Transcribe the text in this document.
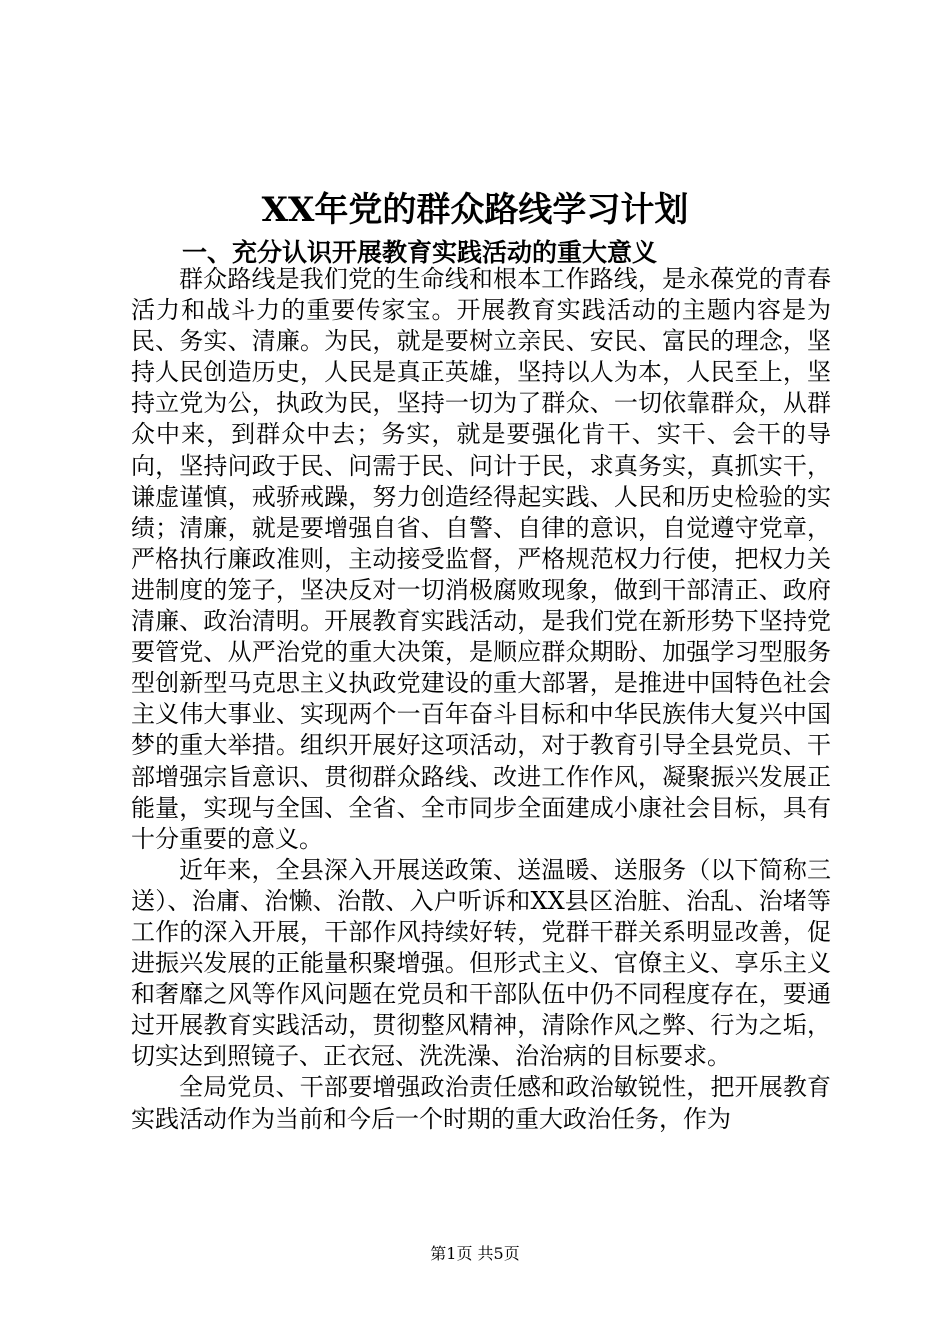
XX年党的群众路线学习计划
一、充分认识开展教育实践活动的重大意义

群众路线是我们党的生命线和根本工作路线，是永葆党的青春活力和战斗力的重要传家宝。开展教育实践活动的主题内容是为民、务实、清廉。为民，就是要树立亲民、安民、富民的理念，坚持人民创造历史，人民是真正英雄，坚持以人为本，人民至上，坚持立党为公，执政为民，坚持一切为了群众、一切依靠群众，从群众中来，到群众中去；务实，就是要强化肯干、实干、会干的导向，坚持问政于民、问需于民、问计于民，求真务实，真抓实干，谦虚谨慎，戒骄戒躁，努力创造经得起实践、人民和历史检验的实绩；清廉，就是要增强自省、自警、自律的意识，自觉遵守党章，严格执行廉政准则，主动接受监督，严格规范权力行使，把权力关进制度的笼子，坚决反对一切消极腐败现象，做到干部清正、政府清廉、政治清明。开展教育实践活动，是我们党在新形势下坚持党要管党、从严治党的重大决策，是顺应群众期盼、加强学习型服务型创新型马克思主义执政党建设的重大部署，是推进中国特色社会主义伟大事业、实现两个一百年奋斗目标和中华民族伟大复兴中国梦的重大举措。组织开展好这项活动，对于教育引导全县党员、干部增强宗旨意识、贯彻群众路线、改进工作作风，凝聚振兴发展正能量，实现与全国、全省、全市同步全面建成小康社会目标，具有十分重要的意义。

近年来，全县深入开展送政策、送温暖、送服务（以下简称三送）、治庸、治懒、治散、入户听诉和XX县区治脏、治乱、治堵等工作的深入开展，干部作风持续好转，党群干群关系明显改善，促进振兴发展的正能量积聚增强。但形式主义、官僚主义、享乐主义和奢靡之风等作风问题在党员和干部队伍中仍不同程度存在，要通过开展教育实践活动，贯彻整风精神，清除作风之弊、行为之垢，切实达到照镜子、正衣冠、洗洗澡、治治病的目标要求。

全局党员、干部要增强政治责任感和政治敏锐性，把开展教育实践活动作为当前和今后一个时期的重大政治任务，作为

第1页 共5页
